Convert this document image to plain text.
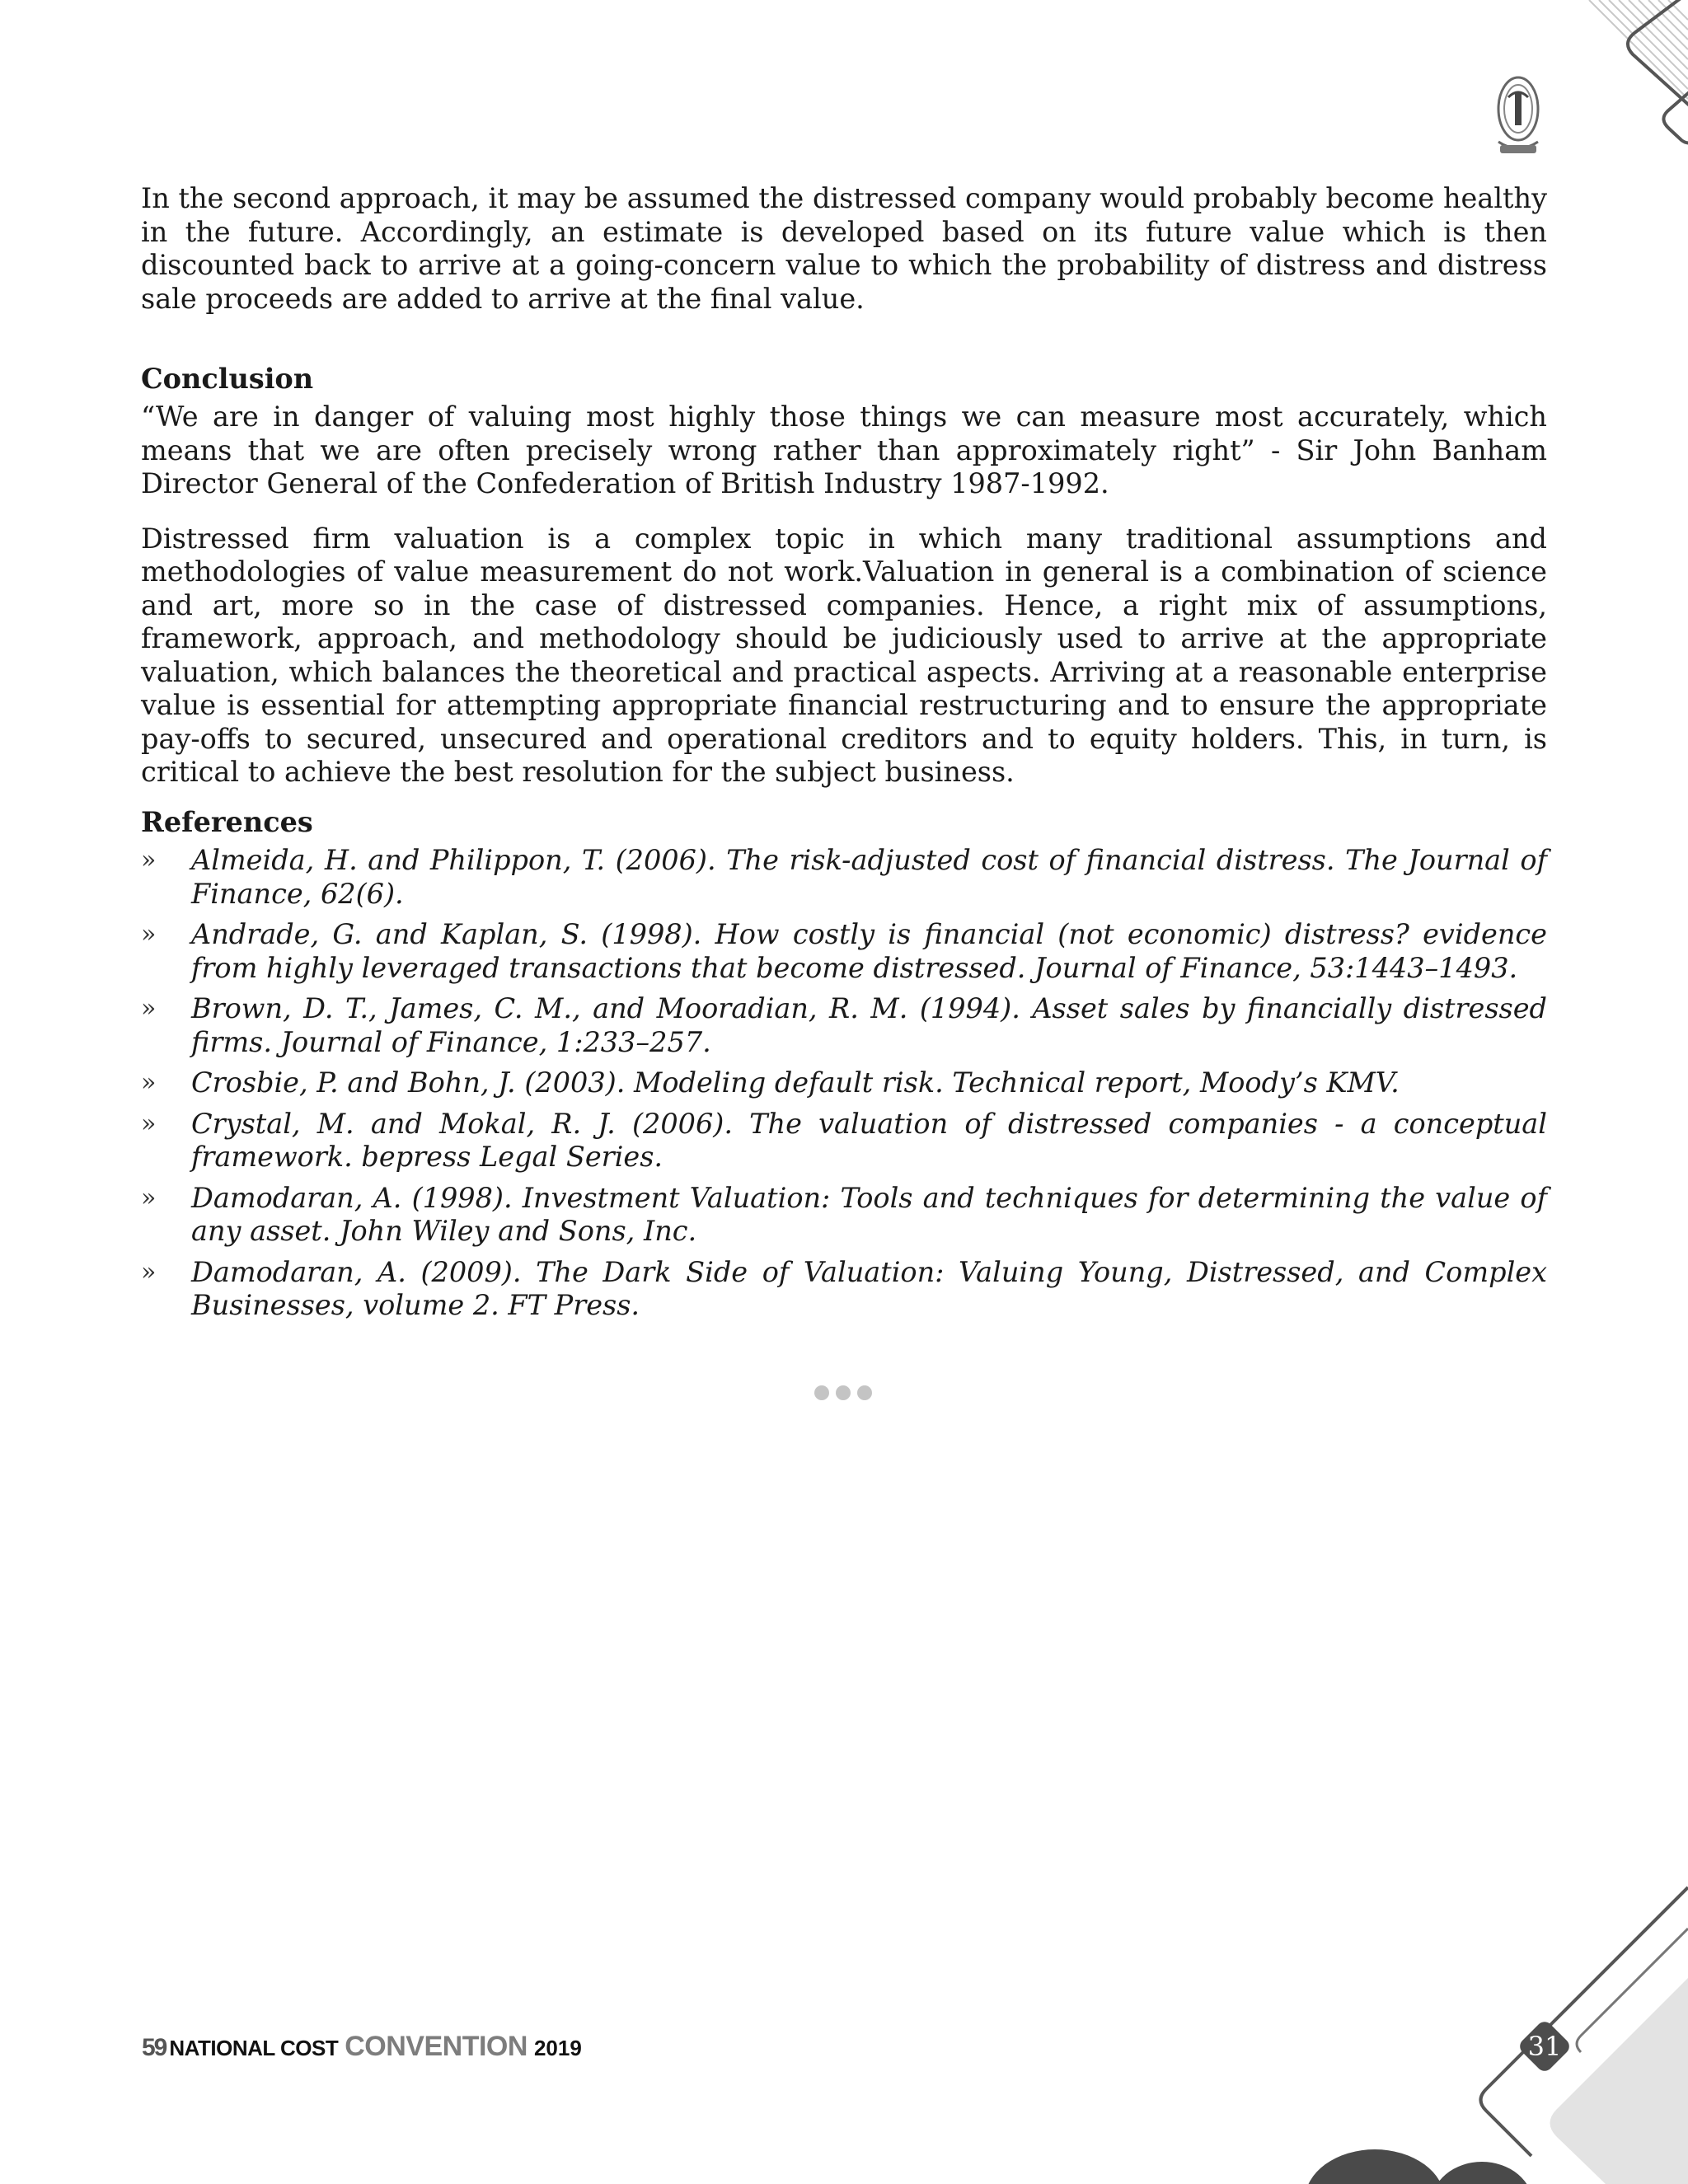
In the second approach, it may be assumed the distressed company would probably become healthy in the future. Accordingly, an estimate is developed based on its future value which is then discounted back to arrive at a going-concern value to which the probability of distress and distress sale proceeds are added to arrive at the final value.

Conclusion

“We are in danger of valuing most highly those things we can measure most accurately, which means that we are often precisely wrong rather than approximately right” - Sir John Banham Director General of the Confederation of British Industry 1987-1992.

Distressed firm valuation is a complex topic in which many traditional assumptions and methodologies of value measurement do not work.Valuation in general is a combination of science and art, more so in the case of distressed companies. Hence, a right mix of assumptions, framework, approach, and methodology should be judiciously used to arrive at the appropriate valuation, which balances the theoretical and practical aspects. Arriving at a reasonable enterprise value is essential for attempting appropriate financial restructuring and to ensure the appropriate pay-offs to secured, unsecured and operational creditors and to equity holders. This, in turn, is critical to achieve the best resolution for the subject business.

References
» Almeida, H. and Philippon, T. (2006). The risk-adjusted cost of financial distress. The Journal of Finance, 62(6).
» Andrade, G. and Kaplan, S. (1998). How costly is financial (not economic) distress? evidence from highly leveraged transactions that become distressed. Journal of Finance, 53:1443–1493.
» Brown, D. T., James, C. M., and Mooradian, R. M. (1994). Asset sales by financially distressed firms. Journal of Finance, 1:233–257.
» Crosbie, P. and Bohn, J. (2003). Modeling default risk. Technical report, Moody’s KMV.
» Crystal, M. and Mokal, R. J. (2006). The valuation of distressed companies - a conceptual framework. bepress Legal Series.
» Damodaran, A. (1998). Investment Valuation: Tools and techniques for determining the value of any asset. John Wiley and Sons, Inc.
» Damodaran, A. (2009). The Dark Side of Valuation: Valuing Young, Distressed, and Complex Businesses, volume 2. FT Press.
59 NATIONAL COST CONVENTION 2019	31
